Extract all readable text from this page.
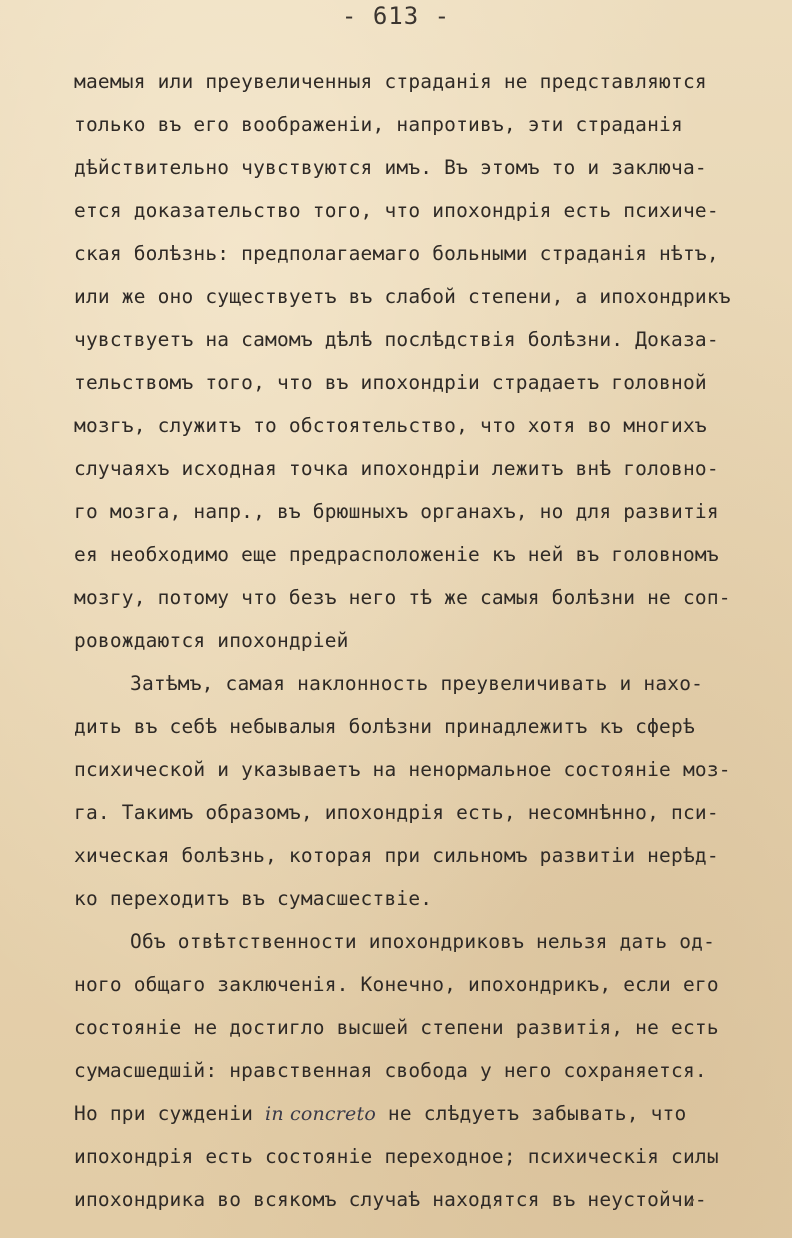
- 613 -
маемыя или преувеличенныя страданія не представляются
только въ его воображеніи, напротивъ, эти страданія
дѣйствительно чувствуются имъ. Въ этомъ то и заключа-
ется доказательство того, что ипохондрія есть психиче-
ская болѣзнь: предполагаемаго больными страданія нѣтъ,
или же оно существуетъ въ слабой степени, а ипохондрикъ
чувствуетъ на самомъ дѣлѣ послѣдствія болѣзни. Доказа-
тельствомъ того, что въ ипохондріи страдаетъ головной
мозгъ, служитъ то обстоятельство, что хотя во многихъ
случаяхъ исходная точка ипохондріи лежитъ внѣ головно-
го мозга, напр., въ брюшныхъ органахъ, но для развитія
ея необходимо еще предрасположеніе къ ней въ головномъ
мозгу, потому что безъ него тѣ же самыя болѣзни не соп-
ровождаются ипохондріей
Затѣмъ, самая наклонность преувеличивать и нахо-
дить въ себѣ небывалыя болѣзни принадлежитъ къ сферѣ
психической и указываетъ на ненормальное состояніе моз-
га. Такимъ образомъ, ипохондрія есть, несомнѣнно, пси-
хическая болѣзнь, которая при сильномъ развитіи нерѣд-
ко переходитъ въ сумасшествіе.
Объ отвѣтственности ипохондриковъ нельзя дать од-
ного общаго заключенія. Конечно, ипохондрикъ, если его
состояніе не достигло высшей степени развитія, не есть
сумасшедшій: нравственная свобода у него сохраняется.
Но при сужденіи in concreto не слѣдуетъ забывать, что
ипохондрія есть состояніе переходное; психическія силы
ипохондрика во всякомъ случаѣ находятся въ неустойчи-
